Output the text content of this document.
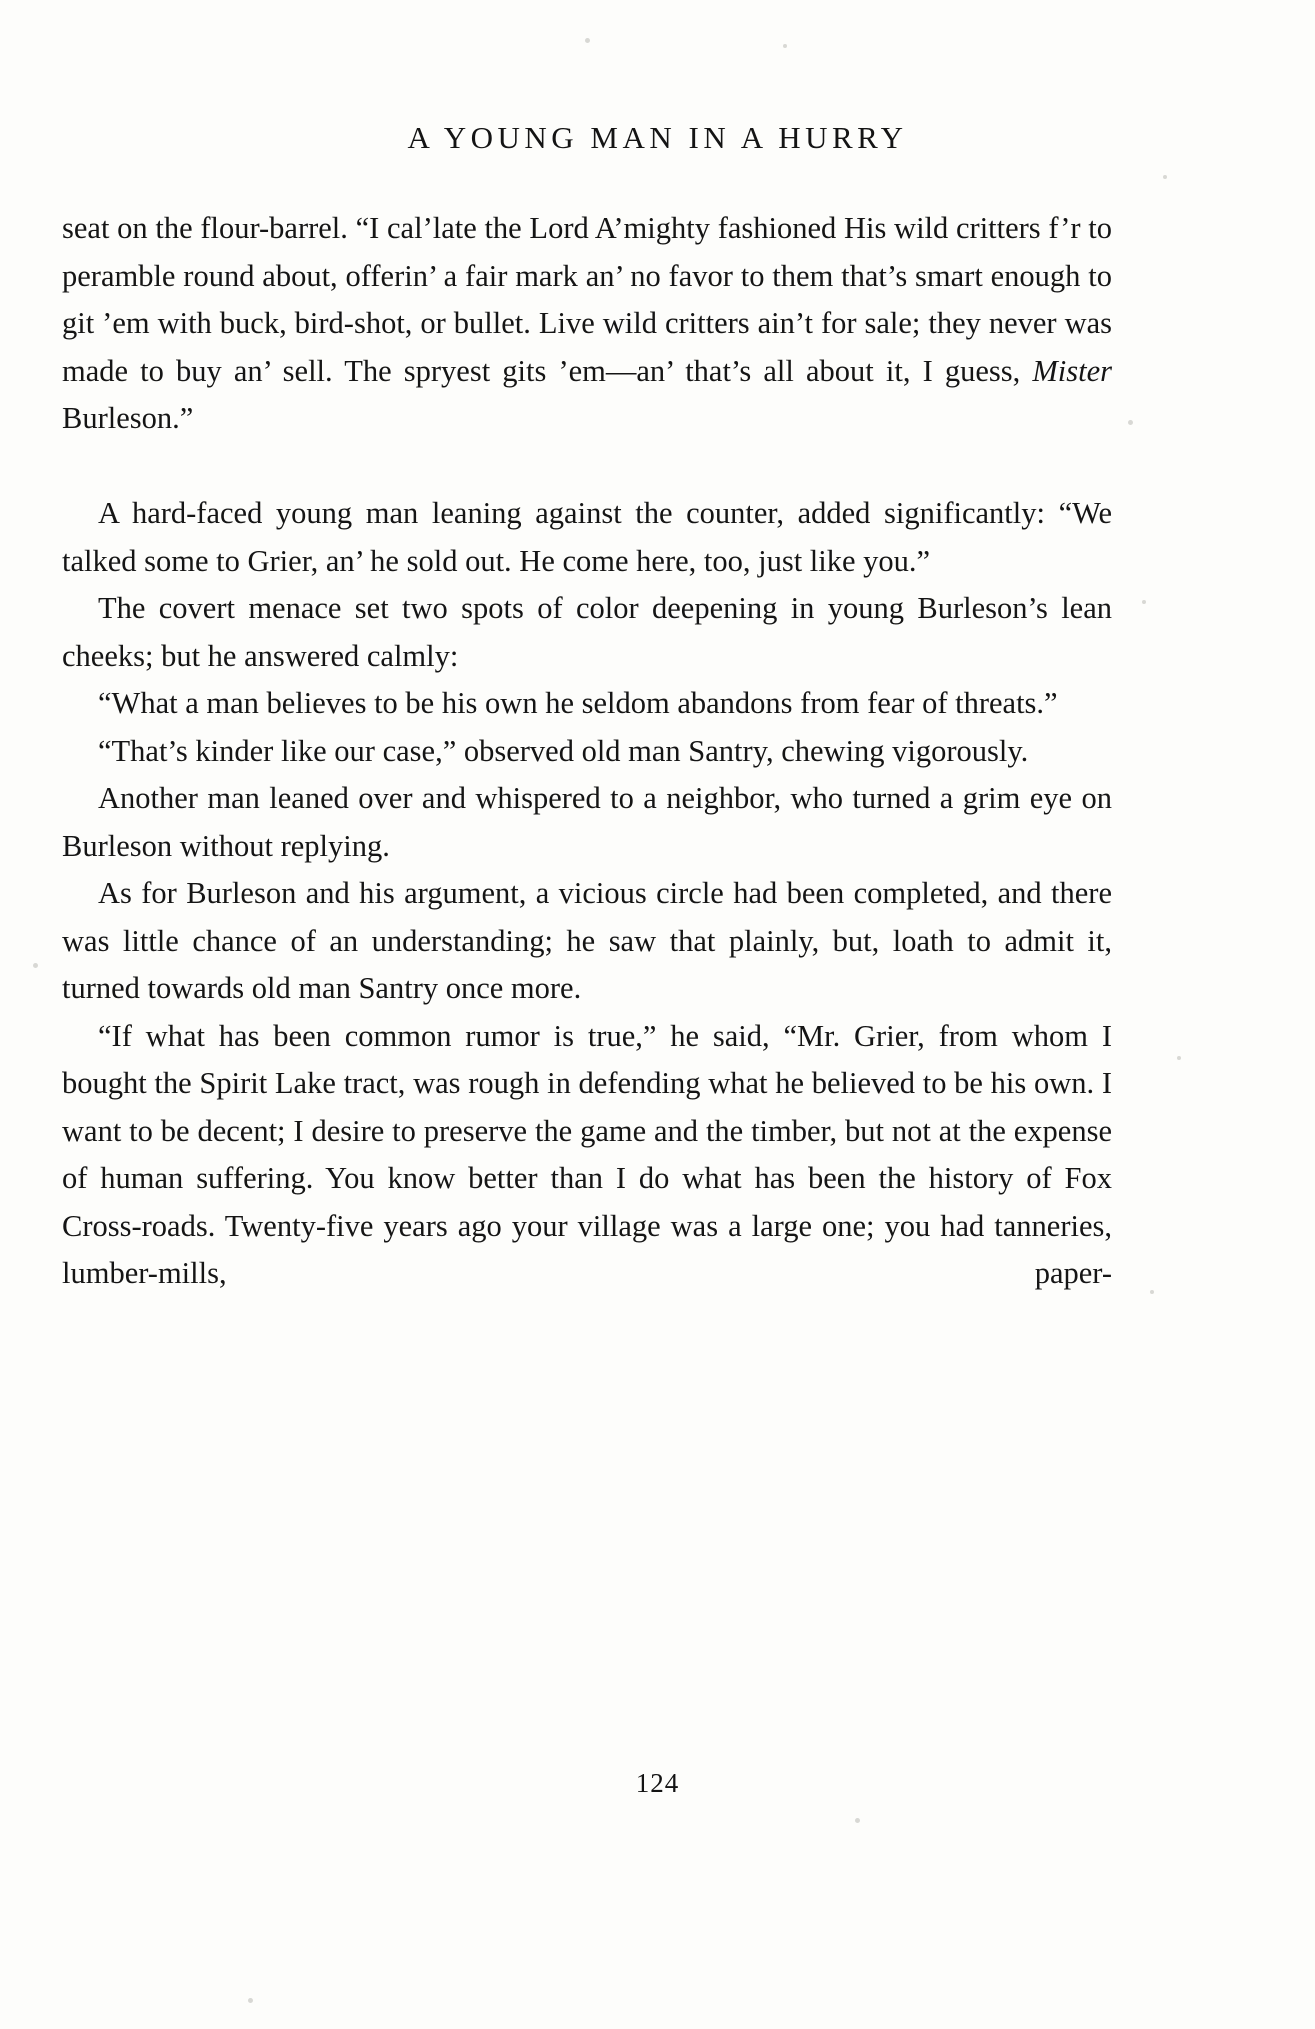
A YOUNG MAN IN A HURRY

seat on the flour-barrel. “I cal’late the Lord A’mighty fashioned His wild critters f’r to peramble round about, offerin’ a fair mark an’ no favor to them that’s smart enough to git ’em with buck, bird-shot, or bullet. Live wild critters ain’t for sale; they never was made to buy an’ sell. The spryest gits ’em—an’ that’s all about it, I guess, Mister Burleson.”

A hard-faced young man leaning against the counter, added significantly: “We talked some to Grier, an’ he sold out. He come here, too, just like you.”

The covert menace set two spots of color deepening in young Burleson’s lean cheeks; but he answered calmly:

“What a man believes to be his own he seldom abandons from fear of threats.”

“That’s kinder like our case,” observed old man Santry, chewing vigorously.

Another man leaned over and whispered to a neighbor, who turned a grim eye on Burleson without replying.

As for Burleson and his argument, a vicious circle had been completed, and there was little chance of an understanding; he saw that plainly, but, loath to admit it, turned towards old man Santry once more.

“If what has been common rumor is true,” he said, “Mr. Grier, from whom I bought the Spirit Lake tract, was rough in defending what he believed to be his own. I want to be decent; I desire to preserve the game and the timber, but not at the expense of human suffering. You know better than I do what has been the history of Fox Cross-roads. Twenty-five years ago your village was a large one; you had tanneries, lumber-mills, paper-

124
